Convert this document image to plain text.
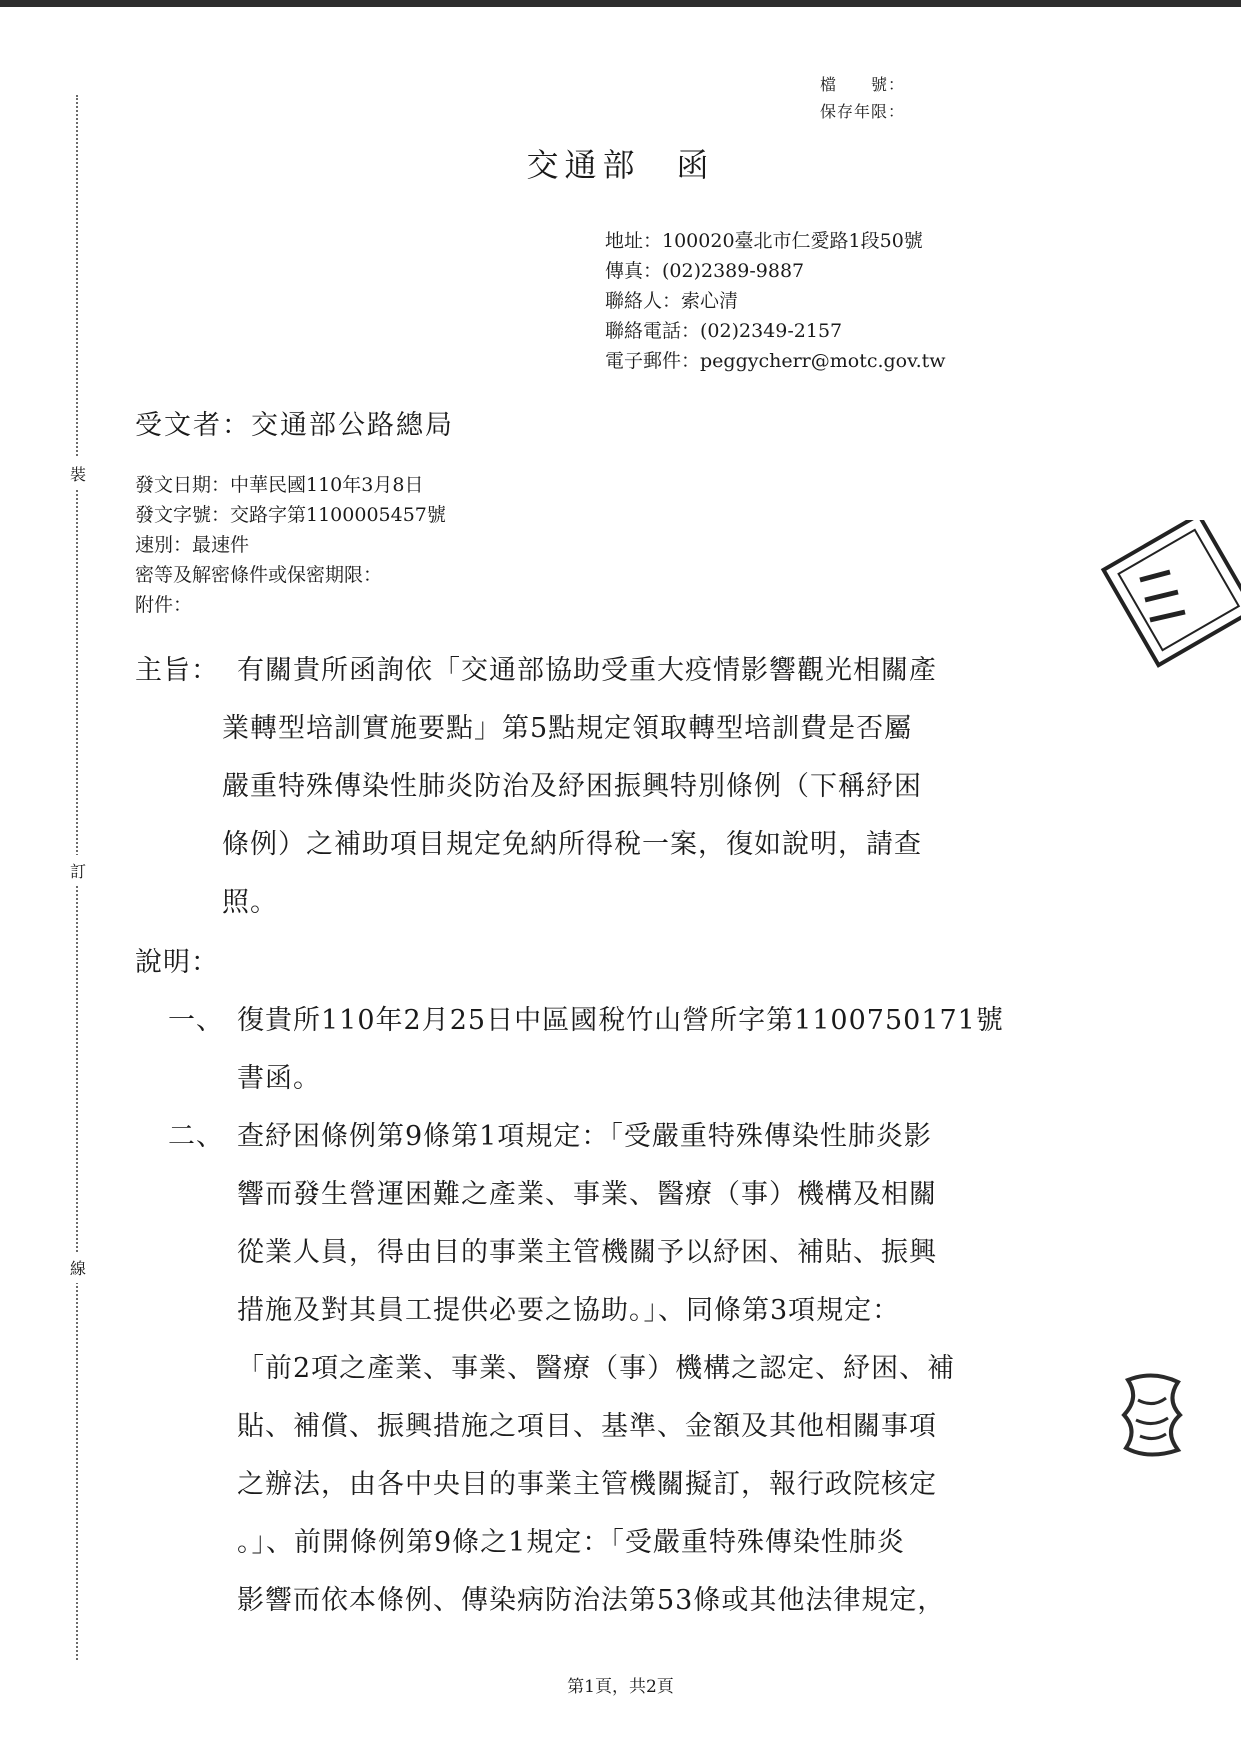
裝
訂
線
檔　　號：
保存年限：
交通部 函
地址：100020臺北市仁愛路1段50號
傳真：(02)2389-9887
聯絡人：索心清
聯絡電話：(02)2349-2157
電子郵件：peggycherr@motc.gov.tw
受文者：交通部公路總局
發文日期：中華民國110年3月8日
發文字號：交路字第1100005457號
速別：最速件
密等及解密條件或保密期限：
附件：
主旨： 有關貴所函詢依「交通部協助受重大疫情影響觀光相關產
業轉型培訓實施要點」第5點規定領取轉型培訓費是否屬
嚴重特殊傳染性肺炎防治及紓困振興特別條例（下稱紓困
條例）之補助項目規定免納所得稅一案，復如說明，請查
照。
說明：
一、 復貴所110年2月25日中區國稅竹山營所字第1100750171號
書函。
二、 查紓困條例第9條第1項規定：「受嚴重特殊傳染性肺炎影
響而發生營運困難之產業、事業、醫療（事）機構及相關
從業人員，得由目的事業主管機關予以紓困、補貼、振興
措施及對其員工提供必要之協助。」、同條第3項規定：
「前2項之產業、事業、醫療（事）機構之認定、紓困、補
貼、補償、振興措施之項目、基準、金額及其他相關事項
之辦法，由各中央目的事業主管機關擬訂，報行政院核定
。」、前開條例第9條之1規定：「受嚴重特殊傳染性肺炎
影響而依本條例、傳染病防治法第53條或其他法律規定，
第1頁，共2頁
